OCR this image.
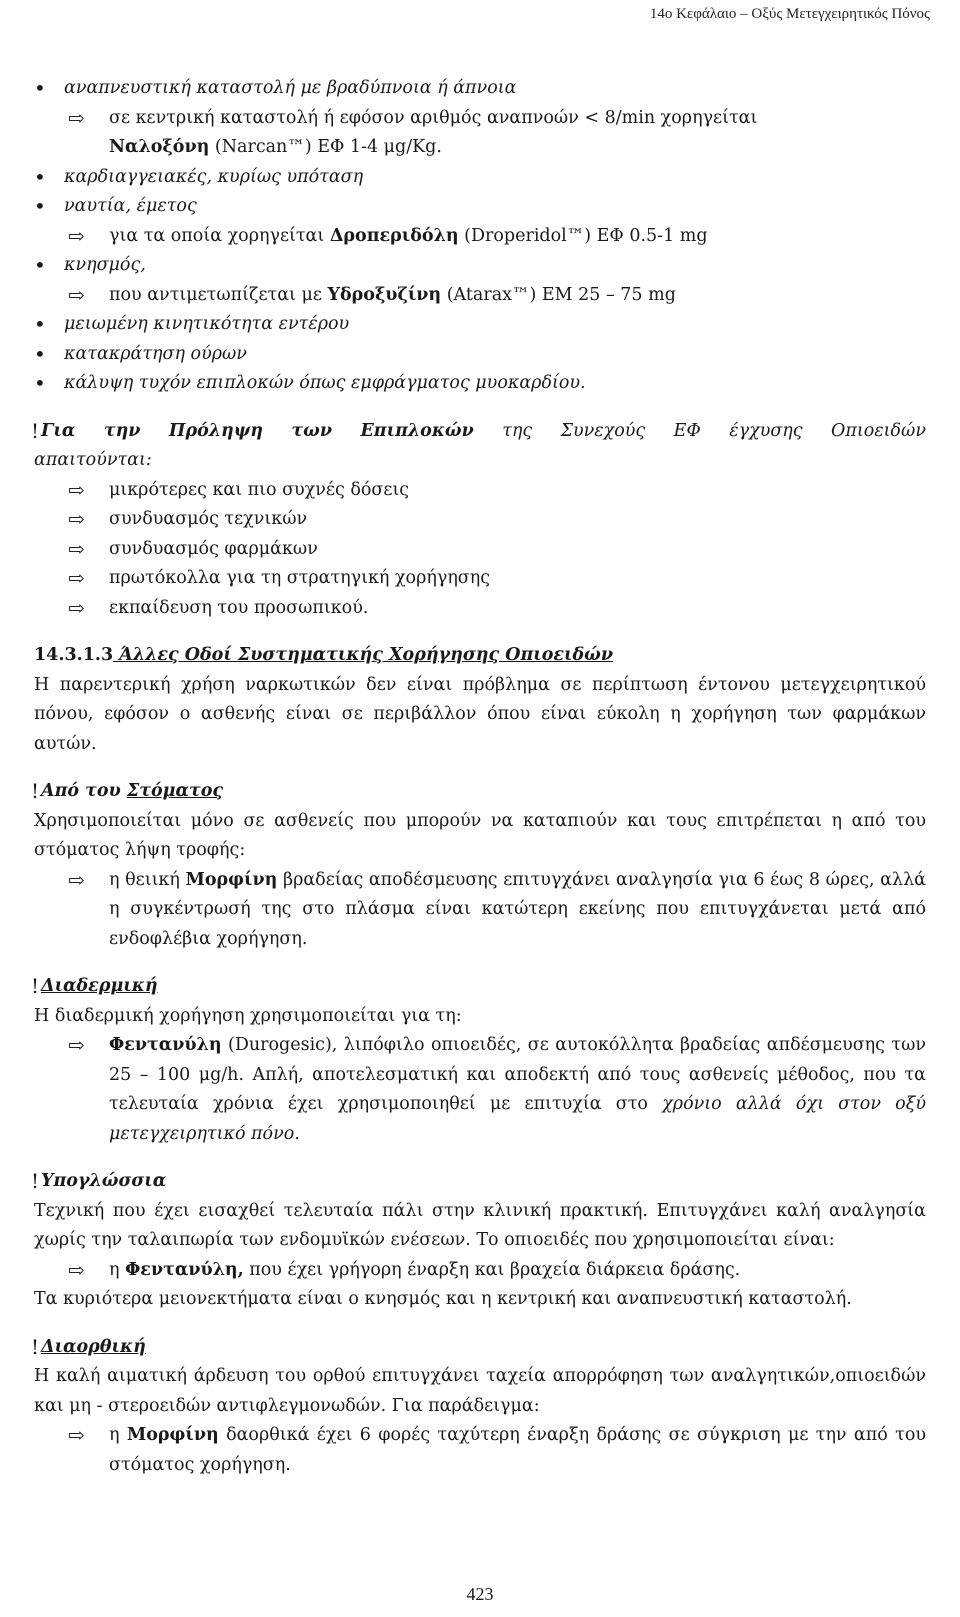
14ο Κεφάλαιο – Οξύς Μετεγχειρητικός Πόνος
• αναπνευστική καταστολή με βραδύπνοια ή άπνοια
⇨ σε κεντρική καταστολή ή εφόσον αριθμός αναπνοών < 8/min χορηγείται
Ναλοξόνη (Narcan™) ΕΦ 1-4 μg/Kg.
• καρδιαγγειακές, κυρίως υπόταση
• ναυτία, έμετος
⇨ για τα οποία χορηγείται Δροπεριδόλη (Droperidol™) ΕΦ 0.5-1 mg
• κνησμός,
⇨ που αντιμετωπίζεται με Υδροξυζίνη (Atarax™) ΕΜ 25 – 75 mg
• μειωμένη κινητικότητα εντέρου
• κατακράτηση ούρων
• κάλυψη τυχόν επιπλοκών όπως εμφράγματος μυοκαρδίου.
! Για την Πρόληψη των Επιπλοκών της Συνεχούς ΕΦ έγχυσης Οπιοειδών
απαιτούνται:
⇨ μικρότερες και πιο συχνές δόσεις
⇨ συνδυασμός τεχνικών
⇨ συνδυασμός φαρμάκων
⇨ πρωτόκολλα για τη στρατηγική χορήγησης
⇨ εκπαίδευση του προσωπικού.
14.3.1.3 Άλλες Οδοί Συστηματικής Χορήγησης Οπιοειδών
Η παρεντερική χρήση ναρκωτικών δεν είναι πρόβλημα σε περίπτωση έντονου μετεγχειρητικού πόνου, εφόσον ο ασθενής είναι σε περιβάλλον όπου είναι εύκολη η χορήγηση των φαρμάκων αυτών.
! Από του Στόματος
Χρησιμοποιείται μόνο σε ασθενείς που μπορούν να καταπιούν και τους επιτρέπεται η από του στόματος λήψη τροφής:
⇨ η θειική Μορφίνη βραδείας αποδέσμευσης επιτυγχάνει αναλγησία για 6 έως 8 ώρες, αλλά η συγκέντρωσή της στο πλάσμα είναι κατώτερη εκείνης που επιτυγχάνεται μετά από ενδοφλέβια χορήγηση.
! Διαδερμική
Η διαδερμική χορήγηση χρησιμοποιείται για τη:
⇨ Φεντανύλη (Durogesic), λιπόφιλο οπιοειδές, σε αυτοκόλλητα βραδείας απδέσμευσης των 25 – 100 μg/h. Απλή, αποτελεσματική και αποδεκτή από τους ασθενείς μέθοδος, που τα τελευταία χρόνια έχει χρησιμοποιηθεί με επιτυχία στο χρόνιο αλλά όχι στον οξύ μετεγχειρητικό πόνο.
! Υπογλώσσια
Τεχνική που έχει εισαχθεί τελευταία πάλι στην κλινική πρακτική. Επιτυγχάνει καλή αναλγησία χωρίς την ταλαιπωρία των ενδομυϊκών ενέσεων. Το οπιοειδές που χρησιμοποιείται είναι:
⇨ η Φεντανύλη, που έχει γρήγορη έναρξη και βραχεία διάρκεια δράσης.
Τα κυριότερα μειονεκτήματα είναι ο κνησμός και η κεντρική και αναπνευστική καταστολή.
! Διαορθική
Η καλή αιματική άρδευση του ορθού επιτυγχάνει ταχεία απορρόφηση των αναλγητικών,οπιοειδών και μη - στεροειδών αντιφλεγμονωδών. Για παράδειγμα:
⇨ η Μορφίνη δαορθικά έχει 6 φορές ταχύτερη έναρξη δράσης σε σύγκριση με την από του στόματος χορήγηση.
423
